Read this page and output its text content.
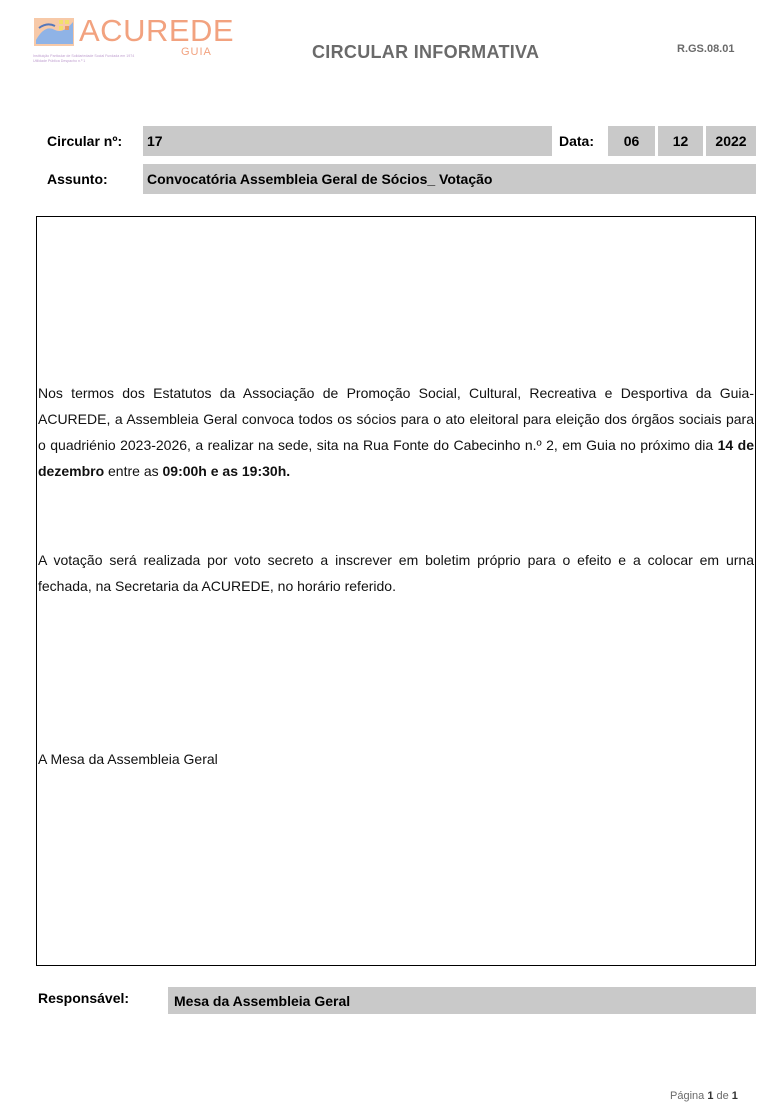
ACUREDE
GUIA
Instituição Particular de Solidariedade Social Fundada em 1974
Utilidade Pública Despacho n.º 1	CIRCULAR INFORMATIVA	R.GS.08.01
Circular nº: 17	Data:	06	12	2022
Assunto:	Convocatória Assembleia Geral de Sócios_ Votação
Nos termos dos Estatutos da Associação de Promoção Social, Cultural, Recreativa e Desportiva da Guia- ACUREDE, a Assembleia Geral convoca todos os sócios para o ato eleitoral para eleição dos órgãos sociais para o quadriénio 2023-2026, a realizar na sede, sita na Rua Fonte do Cabecinho n.º 2, em Guia no próximo dia 14 de dezembro entre as 09:00h e as 19:30h.
A votação será realizada por voto secreto a inscrever em boletim próprio para o efeito e a colocar em urna fechada, na Secretaria da ACUREDE, no horário referido.
A Mesa da Assembleia Geral
Responsável:	Mesa da Assembleia Geral
Página 1 de 1
